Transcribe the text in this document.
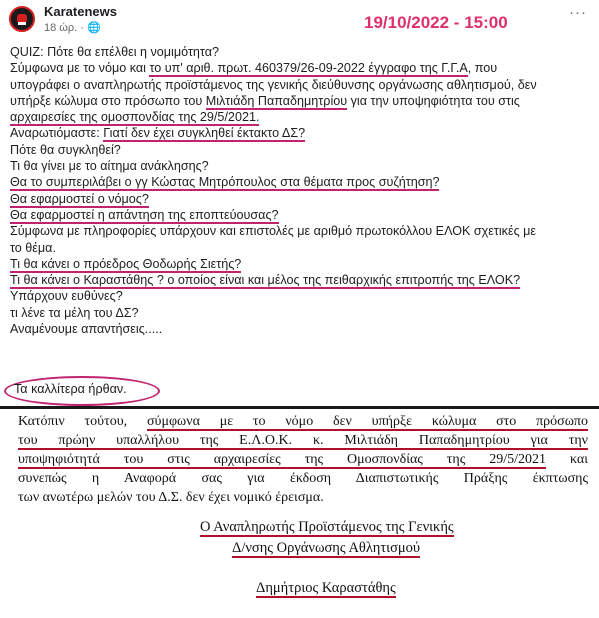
Karatenews
18 ώρ. · 🌐	19/10/2022 - 15:00
···
QUIZ: Πότε θα επέλθει η νομιμότητα?
Σύμφωνα με το νόμο και το υπ' αριθ. πρωτ. 460379/26-09-2022 έγγραφο της Γ.Γ.Α, που
υπογράφει ο αναπληρωτής προϊστάμενος της γενικής διεύθυνσης οργάνωσης αθλητισμού, δεν
υπήρξε κώλυμα στο πρόσωπο του Μιλτιάδη Παπαδημητρίου για την υποψηφιότητα του στις
αρχαιρεσίες της ομοσπονδίας της 29/5/2021.
Αναρωτιόμαστε: Γιατί δεν έχει συγκληθεί έκτακτο ΔΣ?
Πότε θα συγκληθεί?
Τι θα γίνει με το αίτημα ανάκλησης?
Θα το συμπεριλάβει ο γγ Κώστας Μητρόπουλος στα θέματα προς συζήτηση?
Θα εφαρμοστεί ο νόμος?
Θα εφαρμοστεί η απάντηση της εποπτεύουσας?
Σύμφωνα με πληροφορίες υπάρχουν και επιστολές με αριθμό πρωτοκόλλου ΕΛΟΚ σχετικές με
το θέμα.
Τι θα κάνει ο πρόεδρος Θοδωρής Σιετής?
Τι θα κάνει ο Καραστάθης ? ο οποίος είναι και μέλος της πειθαρχικής επιτροπής της ΕΛΟΚ?
Υπάρχουν ευθύνες?
τι λένε τα μέλη του ΔΣ?
Αναμένουμε απαντήσεις.....
Τα καλλίτερα ήρθαν.
Κατόπιν τούτου, σύμφωνα με το νόμο δεν υπήρξε κώλυμα στο πρόσωπο
του πρώην υπαλλήλου της Ε.Λ.Ο.Κ. κ. Μιλτιάδη Παπαδημητρίου για την
υποψηφιότητά του στις αρχαιρεσίες της Ομοσπονδίας της 29/5/2021 και
συνεπώς η Αναφορά σας για έκδοση Διαπιστωτικής Πράξης έκπτωσης
των ανωτέρω μελών του Δ.Σ. δεν έχει νομικό έρεισμα.
Ο Αναπληρωτής Προϊστάμενος της Γενικής
Δ/νσης Οργάνωσης Αθλητισμού
Δημήτριος Καραστάθης
